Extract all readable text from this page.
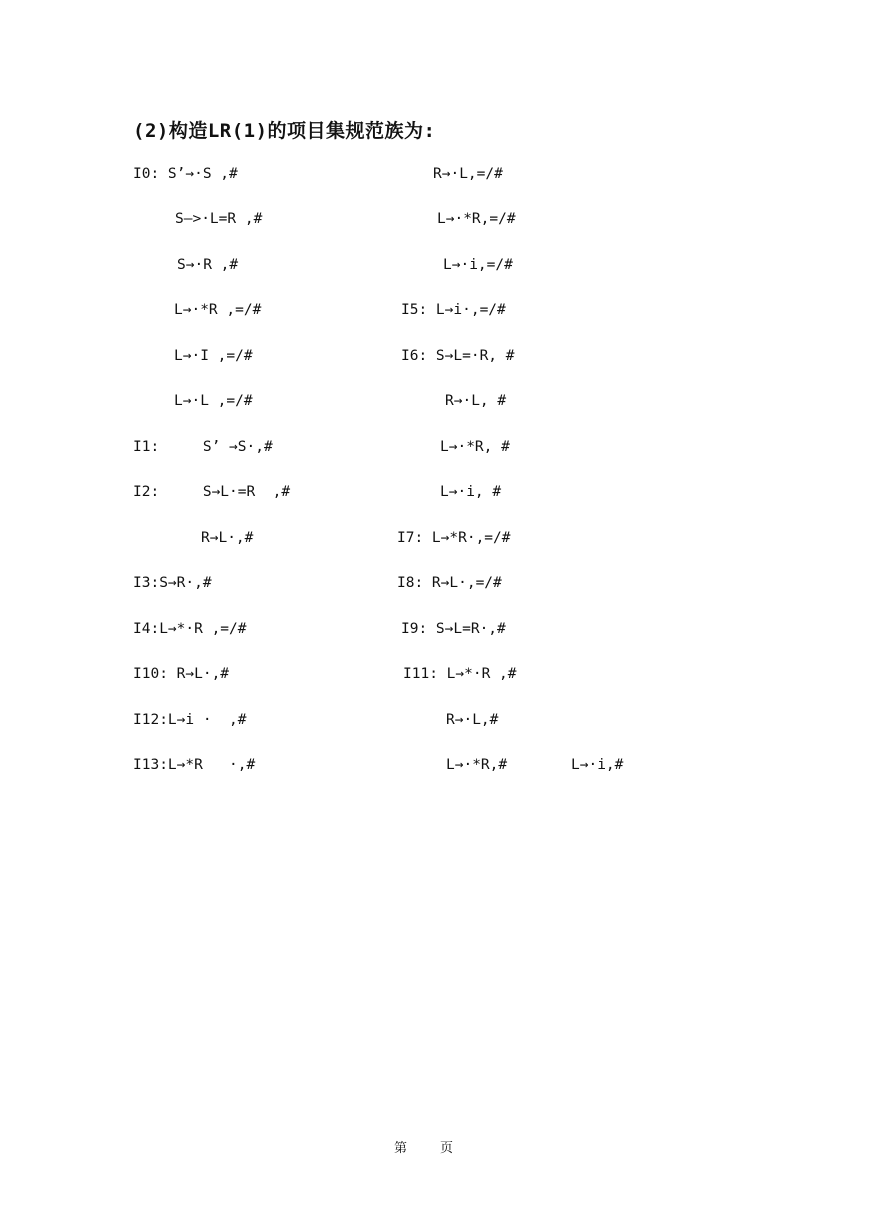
(2)构造LR(1)的项目集规范族为:
I0: S’→·S ,#	R→·L,=/#
S—>·L=R ,#	L→·*R,=/#
S→·R ,#	L→·i,=/#
L→·*R ,=/#	I5: L→i·,=/#
L→·I ,=/#	I6: S→L=·R, #
L→·L ,=/#	R→·L, #
I1:     S’ →S·,#	L→·*R, #
I2:     S→L·=R  ,#	L→·i, #
R→L·,#	I7: L→*R·,=/#
I3:S→R·,#	I8: R→L·,=/#
I4:L→*·R ,=/#	I9: S→L=R·,#
I10: R→L·,#	I11: L→*·R ,#
I12:L→i ·  ,#	R→·L,#
I13:L→*R   ·,#	L→·*R,#	L→·i,#
第	页
